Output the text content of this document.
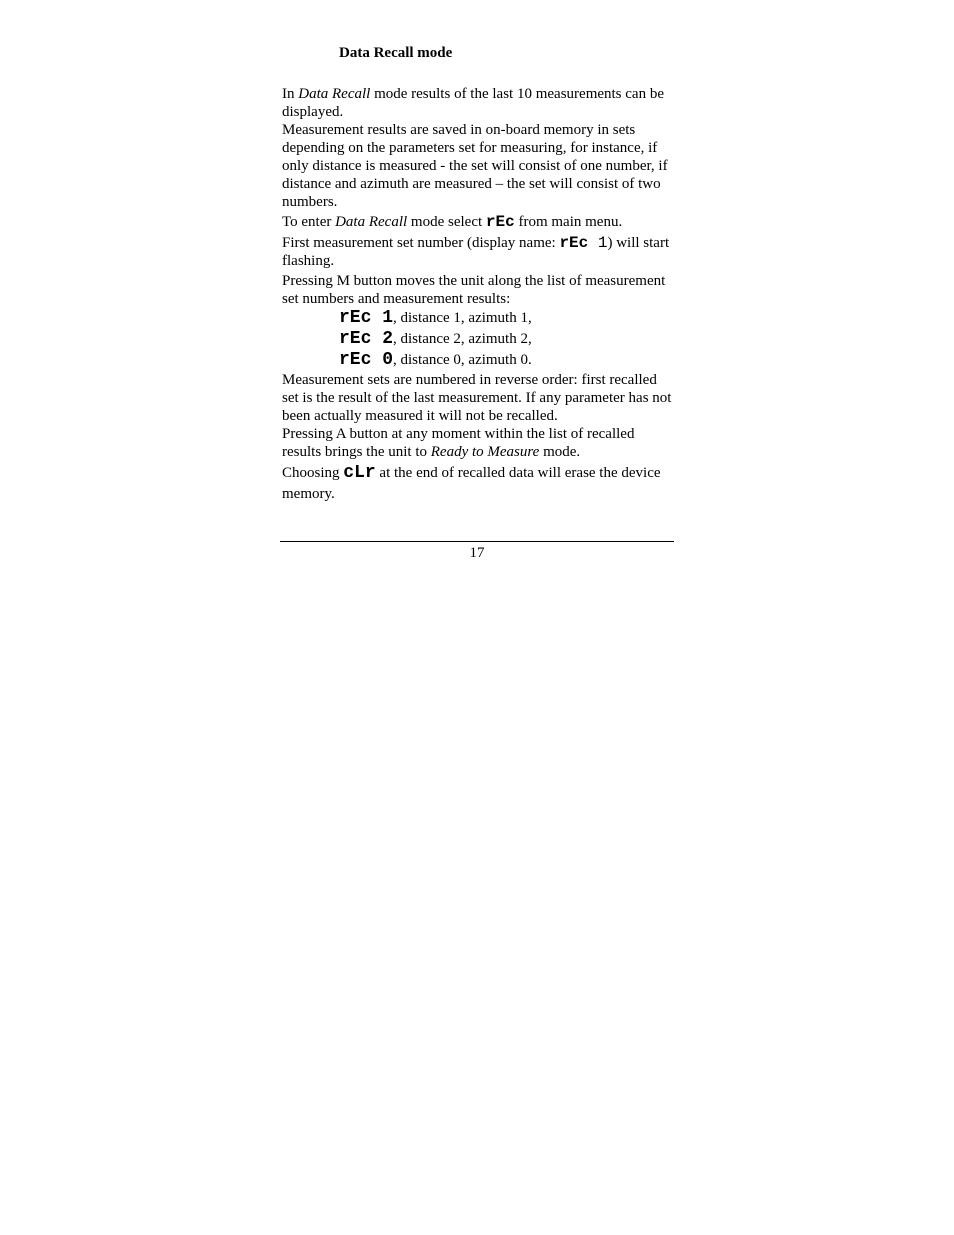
Data Recall mode

In Data Recall mode results of the last 10 measurements can be displayed.

Measurement results are saved in on-board memory in sets depending on the parameters set for measuring, for instance, if only distance is measured - the set will consist of one number, if distance and azimuth are measured – the set will consist of two numbers.

To enter Data Recall mode select rEc from main menu.

First measurement set number (display name: rEc 1) will start flashing.

Pressing M button moves the unit along the list of measurement set numbers and measurement results:

rEc 1, distance 1, azimuth 1,
rEc 2, distance 2, azimuth 2,
rEc 0, distance 0, azimuth 0.

Measurement sets are numbered in reverse order: first recalled set is the result of the last measurement. If any parameter has not been actually measured it will not be recalled.

Pressing A button at any moment within the list of recalled results brings the unit to Ready to Measure mode.

Choosing cLr at the end of recalled data will erase the device memory.

17
